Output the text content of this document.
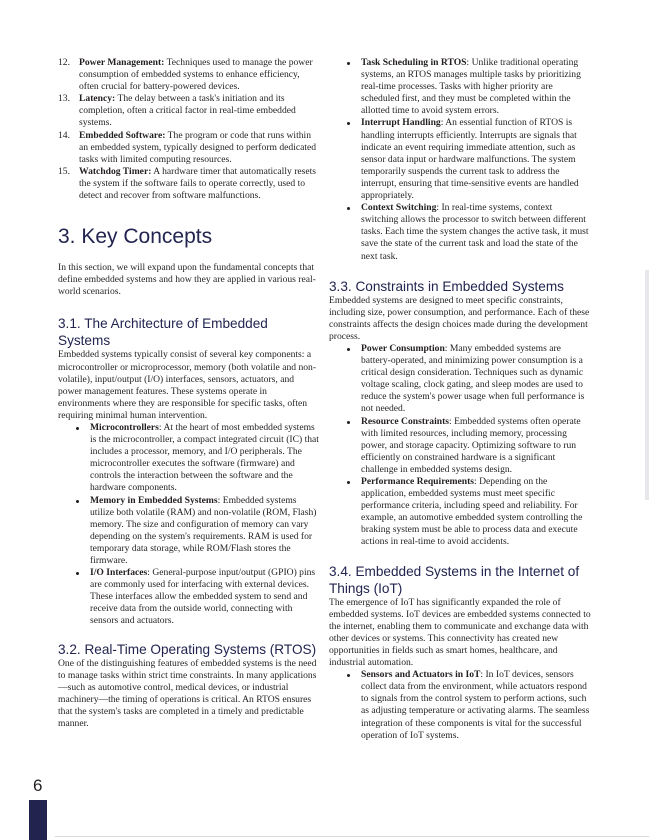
12. Power Management: Techniques used to manage the power consumption of embedded systems to enhance efficiency, often crucial for battery-powered devices.
13. Latency: The delay between a task's initiation and its completion, often a critical factor in real-time embedded systems.
14. Embedded Software: The program or code that runs within an embedded system, typically designed to perform dedicated tasks with limited computing resources.
15. Watchdog Timer: A hardware timer that automatically resets the system if the software fails to operate correctly, used to detect and recover from software malfunctions.
3. Key Concepts

In this section, we will expand upon the fundamental concepts that define embedded systems and how they are applied in various real-world scenarios.

3.1. The Architecture of Embedded Systems

Embedded systems typically consist of several key components: a microcontroller or microprocessor, memory (both volatile and non-volatile), input/output (I/O) interfaces, sensors, actuators, and power management features. These systems operate in environments where they are responsible for specific tasks, often requiring minimal human intervention.

Microcontrollers: At the heart of most embedded systems is the microcontroller, a compact integrated circuit (IC) that includes a processor, memory, and I/O peripherals. The microcontroller executes the software (firmware) and controls the interaction between the software and the hardware components.
Memory in Embedded Systems: Embedded systems utilize both volatile (RAM) and non-volatile (ROM, Flash) memory. The size and configuration of memory can vary depending on the system's requirements. RAM is used for temporary data storage, while ROM/Flash stores the firmware.
I/O Interfaces: General-purpose input/output (GPIO) pins are commonly used for interfacing with external devices. These interfaces allow the embedded system to send and receive data from the outside world, connecting with sensors and actuators.
3.2. Real-Time Operating Systems (RTOS)

One of the distinguishing features of embedded systems is the need to manage tasks within strict time constraints. In many applications—such as automotive control, medical devices, or industrial machinery—the timing of operations is critical. An RTOS ensures that the system's tasks are completed in a timely and predictable manner.

Task Scheduling in RTOS: Unlike traditional operating systems, an RTOS manages multiple tasks by prioritizing real-time processes. Tasks with higher priority are scheduled first, and they must be completed within the allotted time to avoid system errors.
Interrupt Handling: An essential function of RTOS is handling interrupts efficiently. Interrupts are signals that indicate an event requiring immediate attention, such as sensor data input or hardware malfunctions. The system temporarily suspends the current task to address the interrupt, ensuring that time-sensitive events are handled appropriately.
Context Switching: In real-time systems, context switching allows the processor to switch between different tasks. Each time the system changes the active task, it must save the state of the current task and load the state of the next task.
3.3. Constraints in Embedded Systems

Embedded systems are designed to meet specific constraints, including size, power consumption, and performance. Each of these constraints affects the design choices made during the development process.

Power Consumption: Many embedded systems are battery-operated, and minimizing power consumption is a critical design consideration. Techniques such as dynamic voltage scaling, clock gating, and sleep modes are used to reduce the system's power usage when full performance is not needed.
Resource Constraints: Embedded systems often operate with limited resources, including memory, processing power, and storage capacity. Optimizing software to run efficiently on constrained hardware is a significant challenge in embedded systems design.
Performance Requirements: Depending on the application, embedded systems must meet specific performance criteria, including speed and reliability. For example, an automotive embedded system controlling the braking system must be able to process data and execute actions in real-time to avoid accidents.
3.4. Embedded Systems in the Internet of Things (IoT)

The emergence of IoT has significantly expanded the role of embedded systems. IoT devices are embedded systems connected to the internet, enabling them to communicate and exchange data with other devices or systems. This connectivity has created new opportunities in fields such as smart homes, healthcare, and industrial automation.

Sensors and Actuators in IoT: In IoT devices, sensors collect data from the environment, while actuators respond to signals from the control system to perform actions, such as adjusting temperature or activating alarms. The seamless integration of these components is vital for the successful operation of IoT systems.
6
